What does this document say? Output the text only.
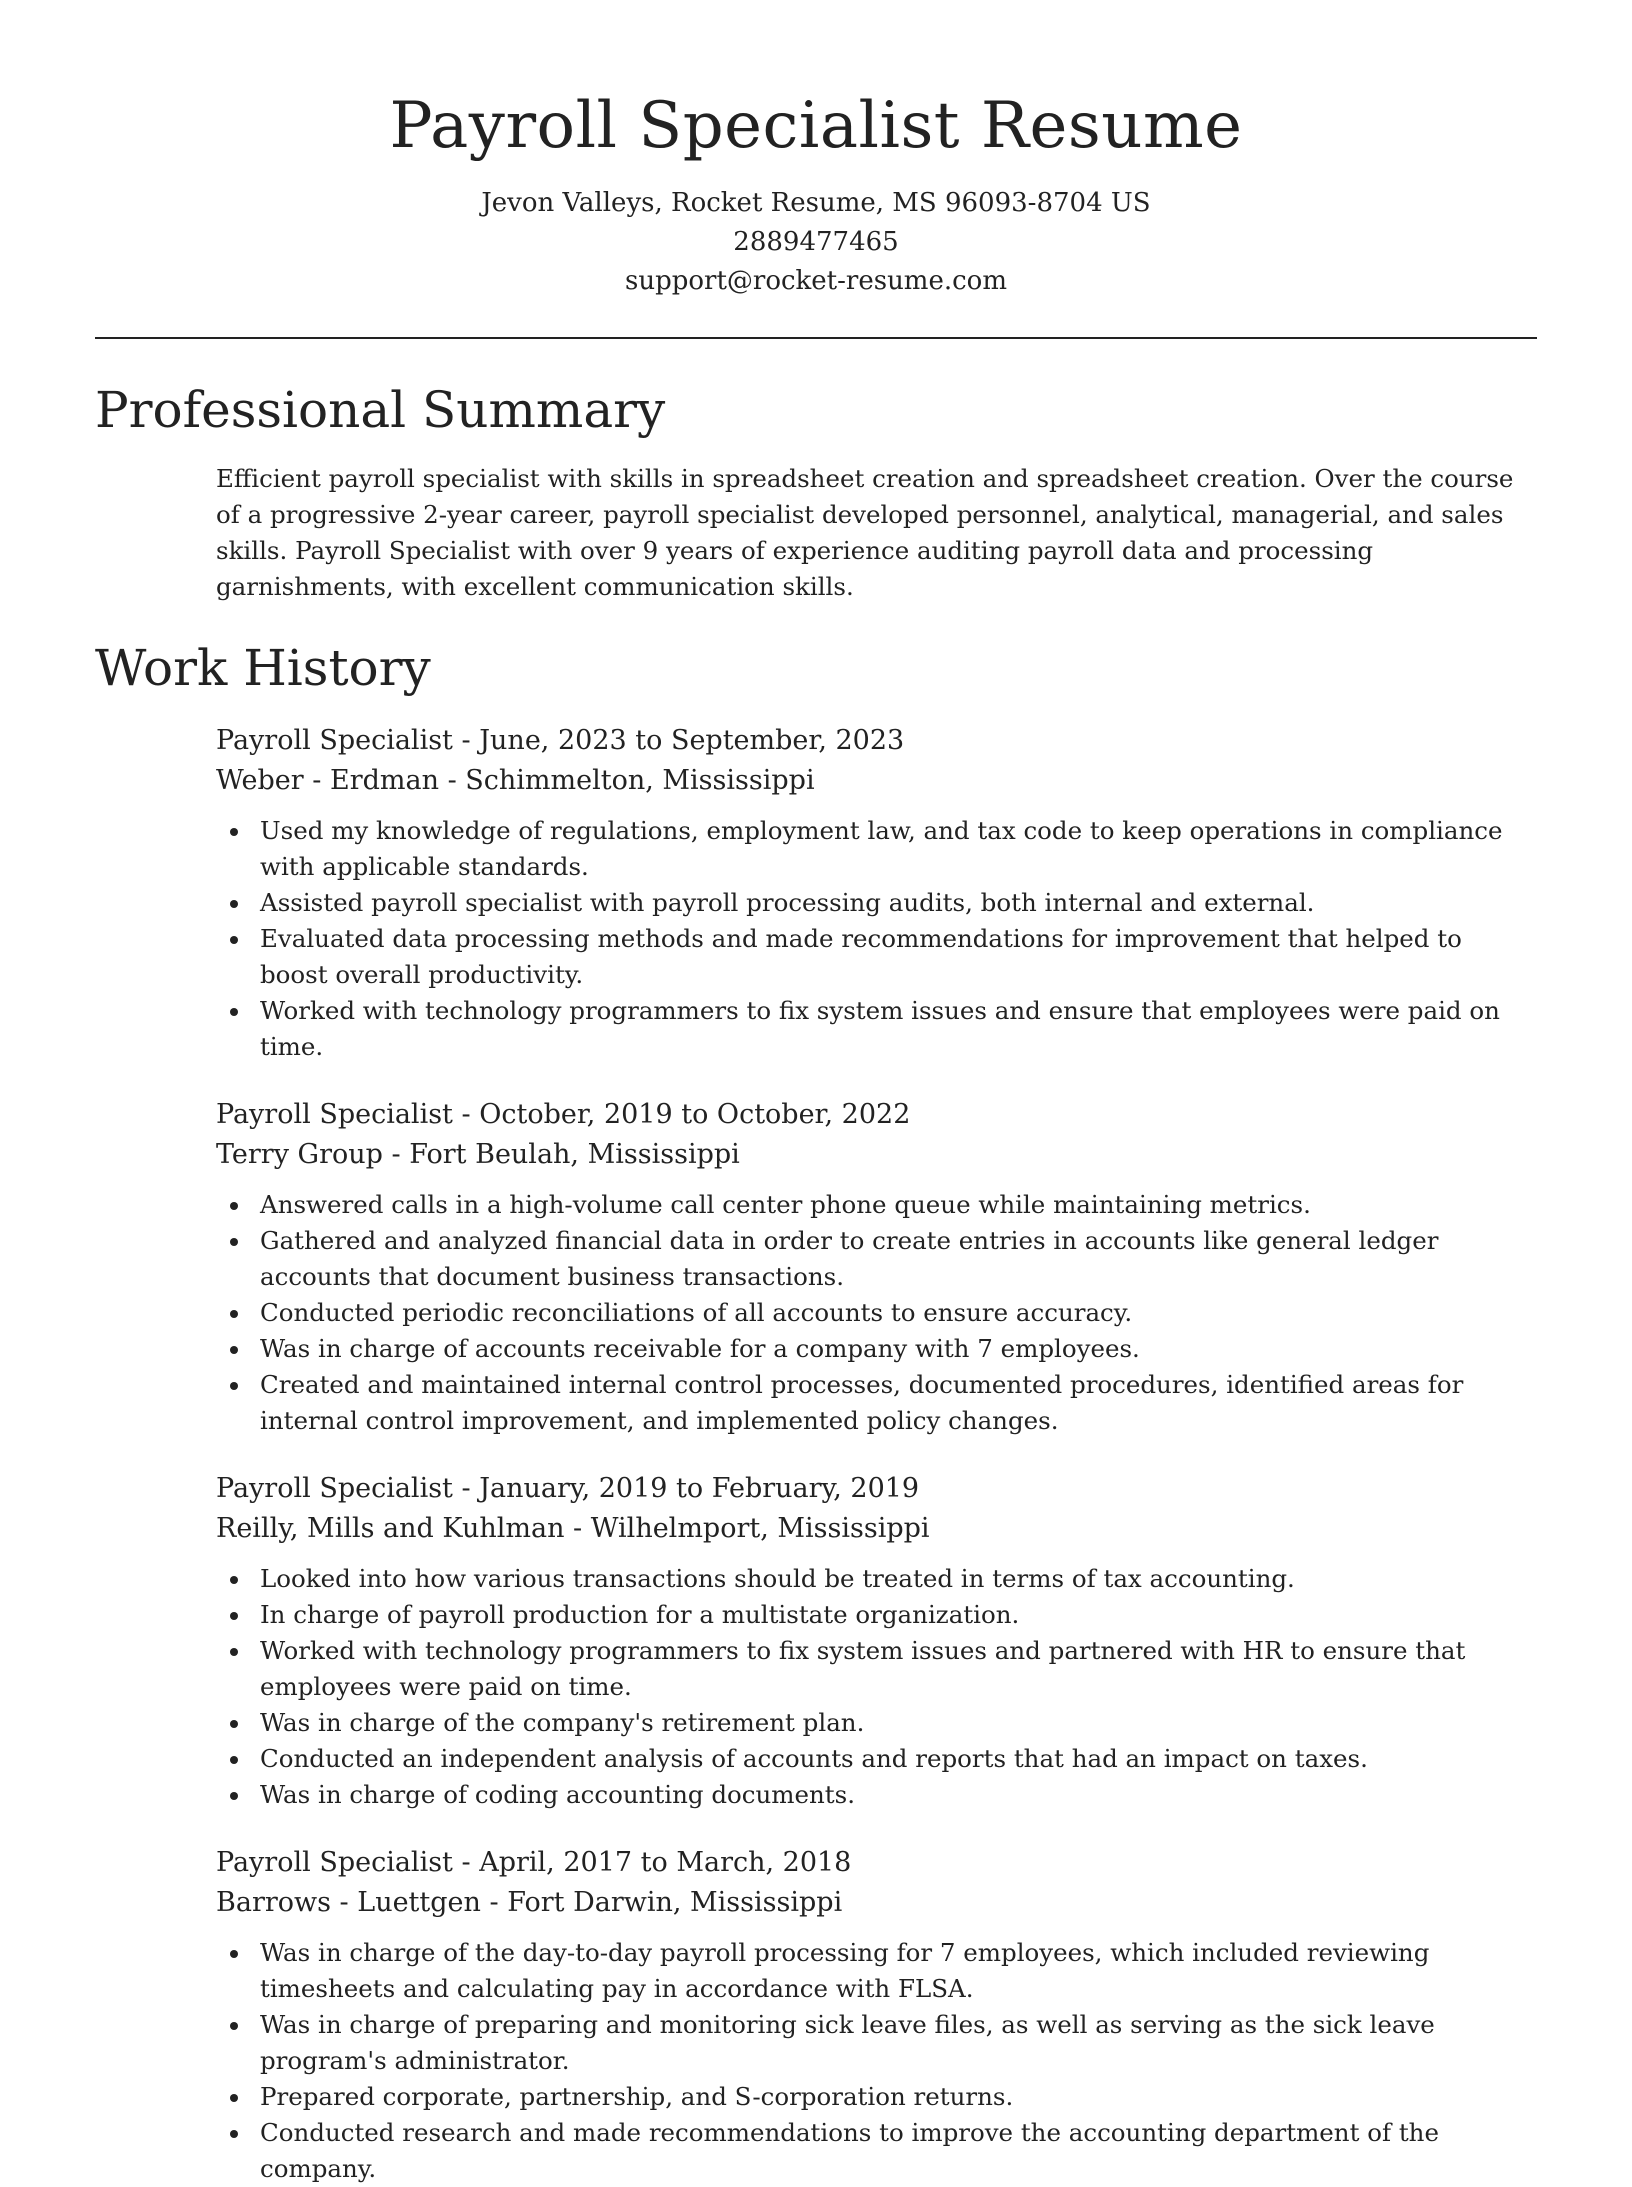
Payroll Specialist Resume
Jevon Valleys, Rocket Resume, MS 96093-8704 US
2889477465
support@rocket-resume.com
Professional Summary

Efficient payroll specialist with skills in spreadsheet creation and spreadsheet creation. Over the course of a progressive 2-year career, payroll specialist developed personnel, analytical, managerial, and sales skills. Payroll Specialist with over 9 years of experience auditing payroll data and processing garnishments, with excellent communication skills.

Work History
Payroll Specialist - June, 2023 to September, 2023
Weber - Erdman - Schimmelton, Mississippi
Used my knowledge of regulations, employment law, and tax code to keep operations in compliance with applicable standards.
Assisted payroll specialist with payroll processing audits, both internal and external.
Evaluated data processing methods and made recommendations for improvement that helped to boost overall productivity.
Worked with technology programmers to fix system issues and ensure that employees were paid on time.
Payroll Specialist - October, 2019 to October, 2022
Terry Group - Fort Beulah, Mississippi
Answered calls in a high-volume call center phone queue while maintaining metrics.
Gathered and analyzed financial data in order to create entries in accounts like general ledger accounts that document business transactions.
Conducted periodic reconciliations of all accounts to ensure accuracy.
Was in charge of accounts receivable for a company with 7 employees.
Created and maintained internal control processes, documented procedures, identified areas for internal control improvement, and implemented policy changes.
Payroll Specialist - January, 2019 to February, 2019
Reilly, Mills and Kuhlman - Wilhelmport, Mississippi
Looked into how various transactions should be treated in terms of tax accounting.
In charge of payroll production for a multistate organization.
Worked with technology programmers to fix system issues and partnered with HR to ensure that employees were paid on time.
Was in charge of the company's retirement plan.
Conducted an independent analysis of accounts and reports that had an impact on taxes.
Was in charge of coding accounting documents.
Payroll Specialist - April, 2017 to March, 2018
Barrows - Luettgen - Fort Darwin, Mississippi
Was in charge of the day-to-day payroll processing for 7 employees, which included reviewing timesheets and calculating pay in accordance with FLSA.
Was in charge of preparing and monitoring sick leave files, as well as serving as the sick leave program's administrator.
Prepared corporate, partnership, and S-corporation returns.
Conducted research and made recommendations to improve the accounting department of the company.
